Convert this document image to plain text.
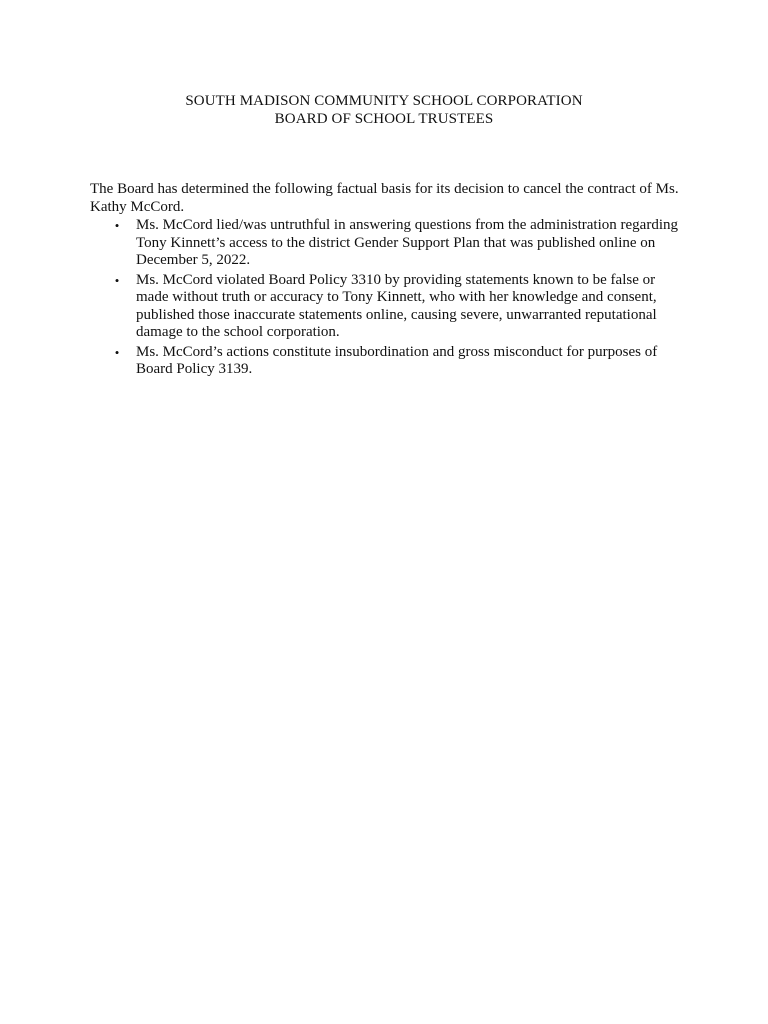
SOUTH MADISON COMMUNITY SCHOOL CORPORATION
BOARD OF SCHOOL TRUSTEES
The Board has determined the following factual basis for its decision to cancel the contract of Ms. Kathy McCord.
• Ms. McCord lied/was untruthful in answering questions from the administration regarding Tony Kinnett’s access to the district Gender Support Plan that was published online on December 5, 2022.
• Ms. McCord violated Board Policy 3310 by providing statements known to be false or made without truth or accuracy to Tony Kinnett, who with her knowledge and consent, published those inaccurate statements online, causing severe, unwarranted reputational damage to the school corporation.
• Ms. McCord’s actions constitute insubordination and gross misconduct for purposes of Board Policy 3139.
